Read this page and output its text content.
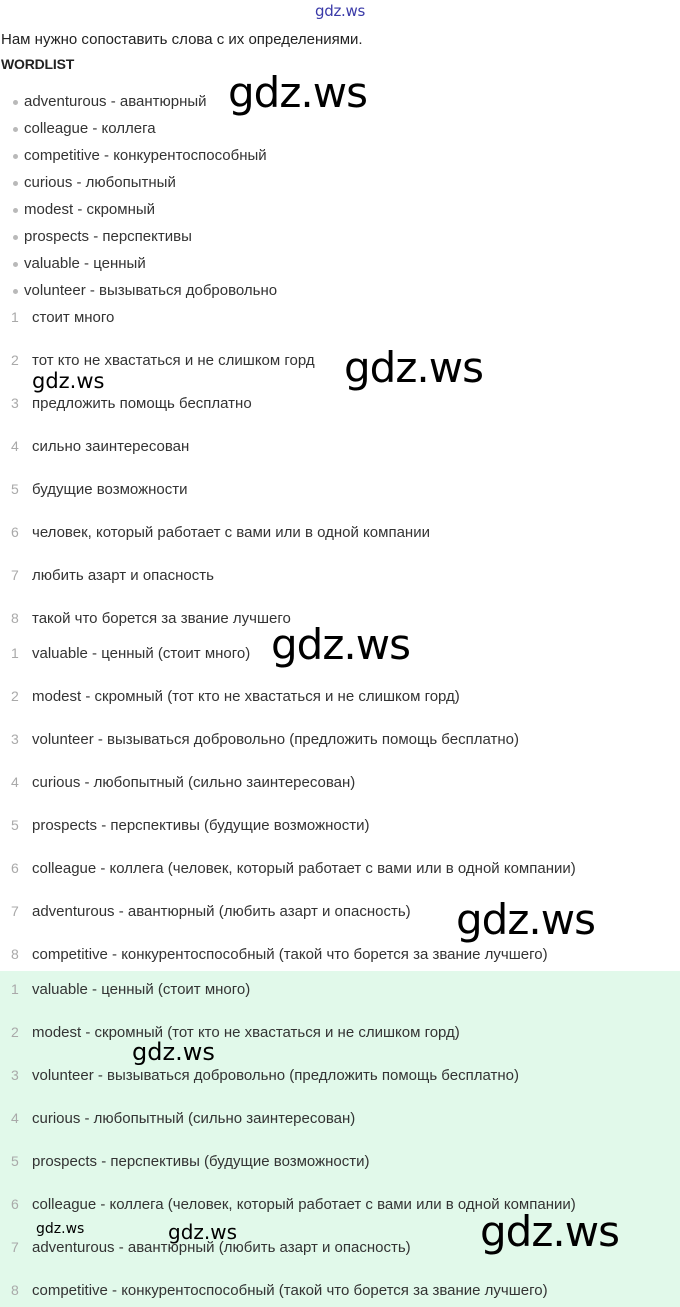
gdz.ws
Нам нужно сопоставить слова с их определениями.
WORDLIST
adventurous - авантюрный
colleague - коллега
competitive - конкурентоспособный
curious - любопытный
modest - скромный
prospects - перспективы
valuable - ценный
volunteer - вызываться добровольно
1 стоит много
2 тот кто не хвастаться и не слишком горд
3 предложить помощь бесплатно
4 сильно заинтересован
5 будущие возможности
6 человек, который работает с вами или в одной компании
7 любить азарт и опасность
8 такой что борется за звание лучшего
1 valuable - ценный (стоит много)
2 modest - скромный (тот кто не хвастаться и не слишком горд)
3 volunteer - вызываться добровольно (предложить помощь бесплатно)
4 curious - любопытный (сильно заинтересован)
5 prospects - перспективы (будущие возможности)
6 colleague - коллега (человек, который работает с вами или в одной компании)
7 adventurous - авантюрный (любить азарт и опасность)
8 competitive - конкурентоспособный (такой что борется за звание лучшего)
1 valuable - ценный (стоит много)
2 modest - скромный (тот кто не хвастаться и не слишком горд)
3 volunteer - вызываться добровольно (предложить помощь бесплатно)
4 curious - любопытный (сильно заинтересован)
5 prospects - перспективы (будущие возможности)
6 colleague - коллега (человек, который работает с вами или в одной компании)
7 adventurous - авантюрный (любить азарт и опасность)
8 competitive - конкурентоспособный (такой что борется за звание лучшего)
gdz.ws
gdz.ws
gdz.ws
gdz.ws
gdz.ws
gdz.ws
gdz.ws	gdz.ws	gdz.ws
